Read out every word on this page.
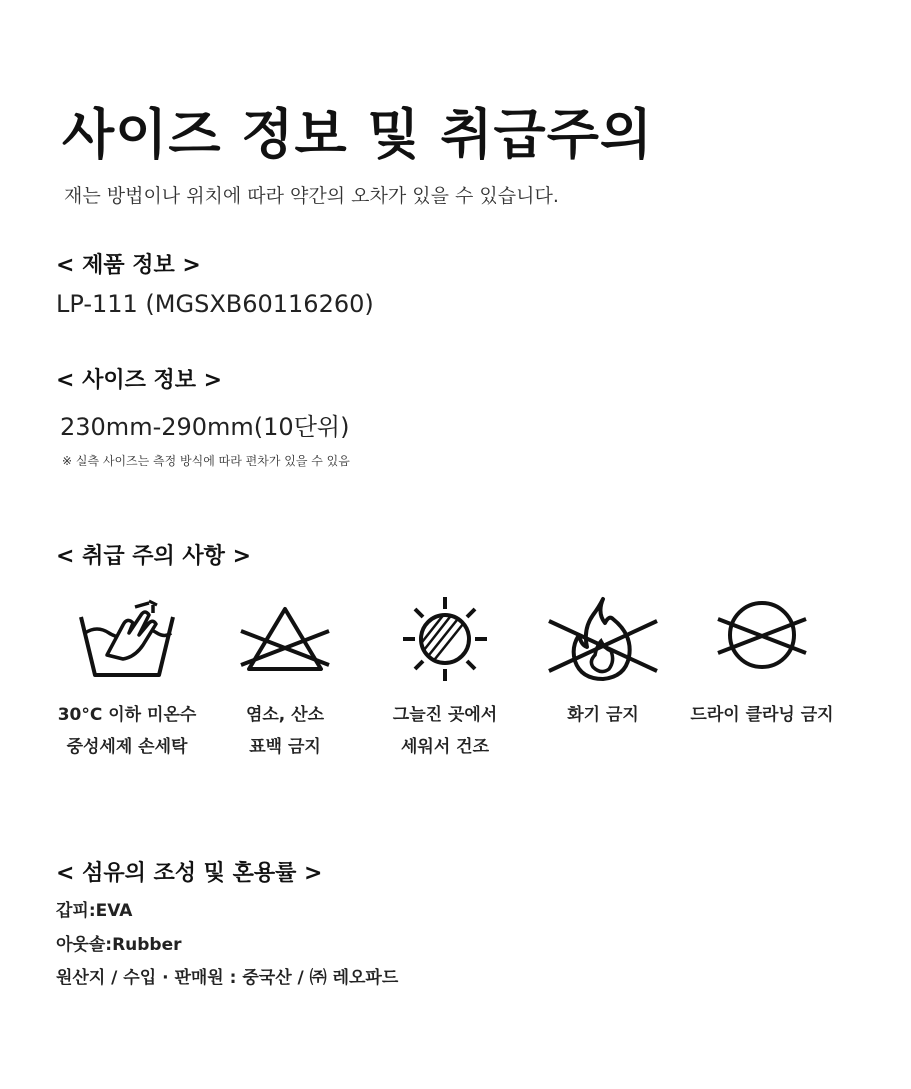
사이즈 정보 및 취급주의
재는 방법이나 위치에 따라 약간의 오차가 있을 수 있습니다.
< 제품 정보 >
LP-111 (MGSXB60116260)
< 사이즈 정보 >
230mm-290mm(10단위)
※ 실측 사이즈는 측정 방식에 따라 편차가 있을 수 있음
< 취급 주의 사항 >
30°C 이하 미온수
중성세제 손세탁
염소, 산소
표백 금지
그늘진 곳에서
세워서 건조
화기 금지	드라이 클라닝 금지
< 섬유의 조성 및 혼용률 >
갑피:EVA
아웃솔:Rubber
원산지 / 수입 · 판매원 : 중국산 / ㈜ 레오파드
